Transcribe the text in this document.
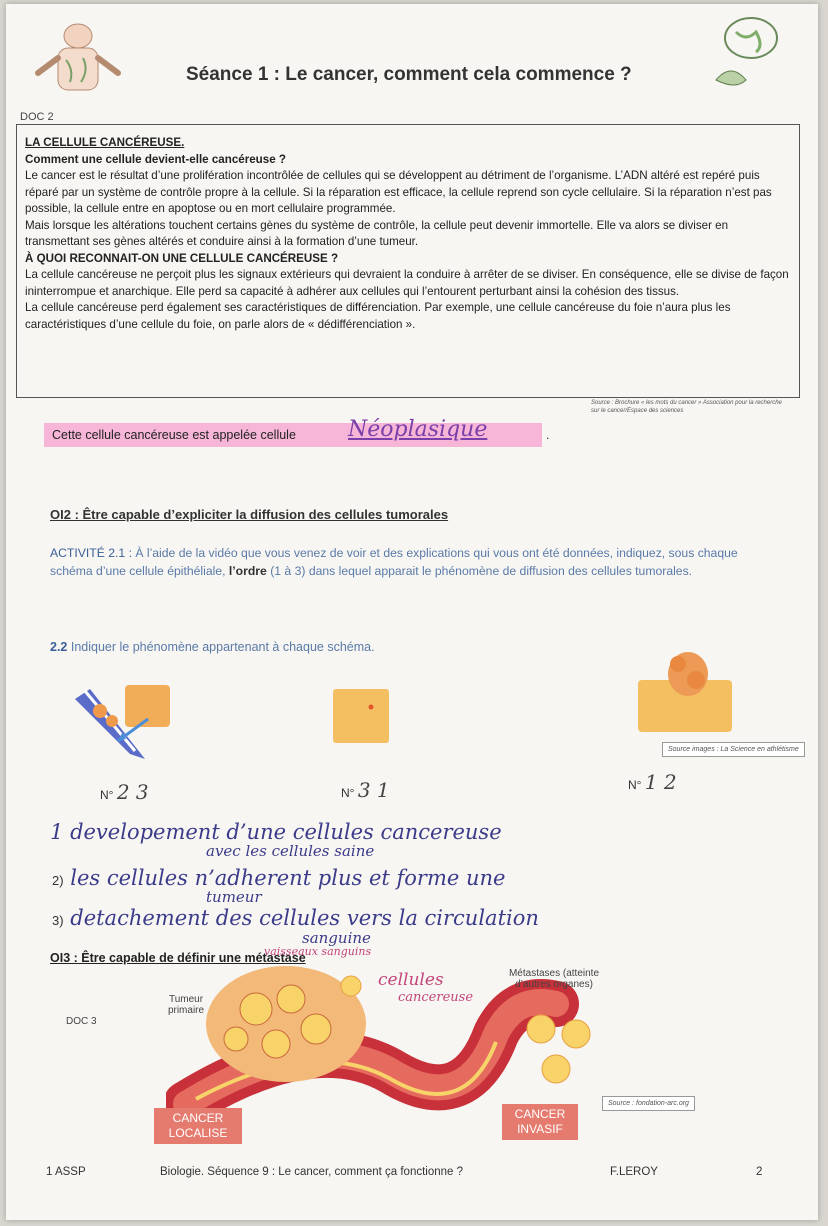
Séance 1 : Le cancer, comment cela commence ?
DOC 2

LA CELLULE CANCÉREUSE.

Comment une cellule devient-elle cancéreuse ?

Le cancer est le résultat d’une prolifération incontrôlée de cellules qui se développent au détriment de l’organisme. L’ADN altéré est repéré puis réparé par un système de contrôle propre à la cellule. Si la réparation est efficace, la cellule reprend son cycle cellulaire. Si la réparation n’est pas possible, la cellule entre en apoptose ou en mort cellulaire programmée.

Mais lorsque les altérations touchent certains gènes du système de contrôle, la cellule peut devenir immortelle. Elle va alors se diviser en transmettant ses gènes altérés et conduire ainsi à la formation d’une tumeur.

À QUOI RECONNAIT-ON UNE CELLULE CANCÉREUSE ?

La cellule cancéreuse ne perçoit plus les signaux extérieurs qui devraient la conduire à arrêter de se diviser. En conséquence, elle se divise de façon ininterrompue et anarchique. Elle perd sa capacité à adhérer aux cellules qui l’entourent perturbant ainsi la cohésion des tissus.

La cellule cancéreuse perd également ses caractéristiques de différenciation. Par exemple, une cellule cancéreuse du foie n’aura plus les caractéristiques d’une cellule du foie, on parle alors de « dédifférenciation ».

Source : Brochure « les mots du cancer » Association pour la recherche sur le cancer/Espace des sciences
Cette cellule cancéreuse est appelée cellule Néoplasique	.
OI2 : Être capable d’expliciter la diffusion des cellules tumorales
ACTIVITÉ 2.1 : À l’aide de la vidéo que vous venez de voir et des explications qui vous ont été données, indiquez, sous chaque schéma d’une cellule épithéliale, l’ordre (1 à 3) dans lequel apparait le phénomène de diffusion des cellules tumorales.
2.2 Indiquer le phénomène appartenant à chaque schéma.
Source images : La Science en athlétisme
N° 2 3	N° 3 1	N° 1 2
1 developement d’une cellules cancereuse
avec les cellules saine
2) les cellules n’adherent plus et forme une
tumeur
3) detachement des cellules vers la circulation
sanguine
OI3 : Être capable de définir une métastase
vaisseaux sanguins
cellules
cancereuse
DOC 3
Tumeur primaire
Métastases (atteinte d’autres organes)
CANCER LOCALISE
CANCER INVASIF
Source : fondation-arc.org
1 ASSP	Biologie. Séquence 9 : Le cancer, comment ça fonctionne ?	F.LEROY	2
